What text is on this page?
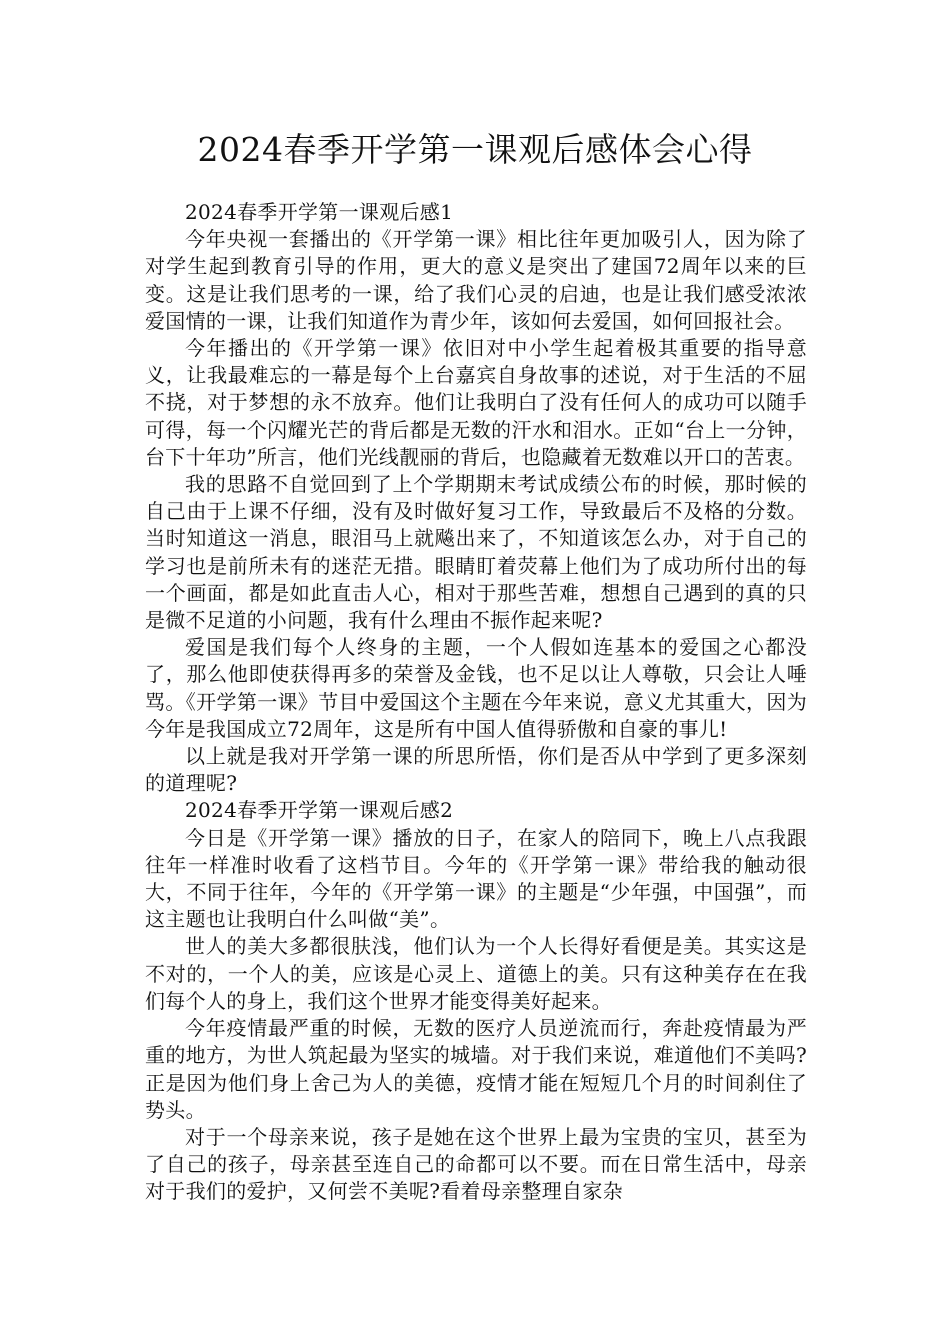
2024春季开学第一课观后感体会心得

2024春季开学第一课观后感1

今年央视一套播出的《开学第一课》相比往年更加吸引人，因为除了对学生起到教育引导的作用，更大的意义是突出了建国72周年以来的巨变。这是让我们思考的一课，给了我们心灵的启迪，也是让我们感受浓浓爱国情的一课，让我们知道作为青少年，该如何去爱国，如何回报社会。

今年播出的《开学第一课》依旧对中小学生起着极其重要的指导意义，让我最难忘的一幕是每个上台嘉宾自身故事的述说，对于生活的不屈不挠，对于梦想的永不放弃。他们让我明白了没有任何人的成功可以随手可得，每一个闪耀光芒的背后都是无数的汗水和泪水。正如“台上一分钟，台下十年功”所言，他们光线靓丽的背后，也隐藏着无数难以开口的苦衷。

我的思路不自觉回到了上个学期期末考试成绩公布的时候，那时候的自己由于上课不仔细，没有及时做好复习工作，导致最后不及格的分数。当时知道这一消息，眼泪马上就飚出来了，不知道该怎么办，对于自己的学习也是前所未有的迷茫无措。眼睛盯着荧幕上他们为了成功所付出的每一个画面，都是如此直击人心，相对于那些苦难，想想自己遇到的真的只是微不足道的小问题，我有什么理由不振作起来呢?

爱国是我们每个人终身的主题，一个人假如连基本的爱国之心都没了，那么他即使获得再多的荣誉及金钱，也不足以让人尊敬，只会让人唾骂。《开学第一课》节目中爱国这个主题在今年来说，意义尤其重大，因为今年是我国成立72周年，这是所有中国人值得骄傲和自豪的事儿!

以上就是我对开学第一课的所思所悟，你们是否从中学到了更多深刻的道理呢?

2024春季开学第一课观后感2

今日是《开学第一课》播放的日子，在家人的陪同下，晚上八点我跟往年一样准时收看了这档节目。今年的《开学第一课》带给我的触动很大，不同于往年，今年的《开学第一课》的主题是“少年强，中国强”，而这主题也让我明白什么叫做“美”。

世人的美大多都很肤浅，他们认为一个人长得好看便是美。其实这是不对的，一个人的美，应该是心灵上、道德上的美。只有这种美存在在我们每个人的身上，我们这个世界才能变得美好起来。

今年疫情最严重的时候，无数的医疗人员逆流而行，奔赴疫情最为严重的地方，为世人筑起最为坚实的城墙。对于我们来说，难道他们不美吗?正是因为他们身上舍己为人的美德，疫情才能在短短几个月的时间刹住了势头。

对于一个母亲来说，孩子是她在这个世界上最为宝贵的宝贝，甚至为了自己的孩子，母亲甚至连自己的命都可以不要。而在日常生活中，母亲对于我们的爱护，又何尝不美呢?看着母亲整理自家杂
